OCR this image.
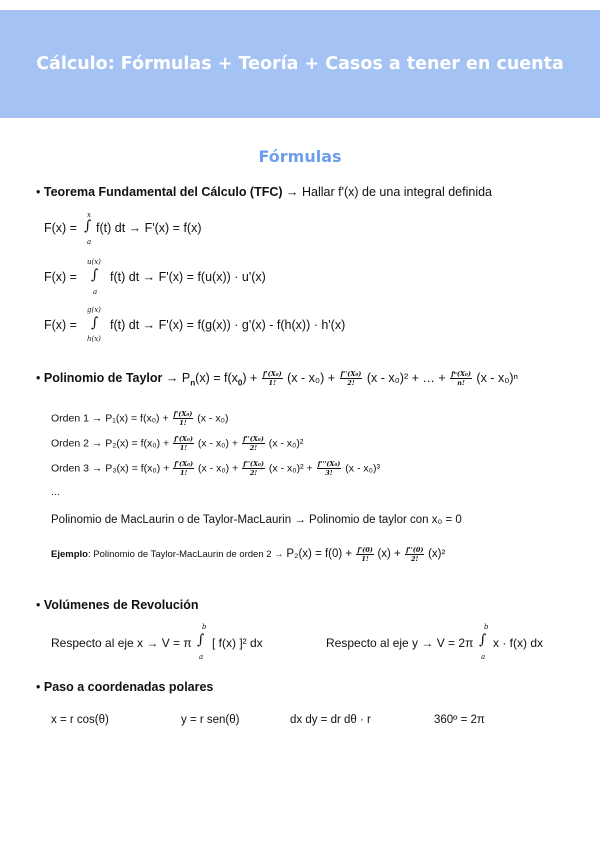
Cálculo: Fórmulas + Teoría + Casos a tener en cuenta
Fórmulas
• Teorema Fundamental del Cálculo (TFC) → Hallar f'(x) de una integral definida
F(x) =
x
∫
a
f(t) dt → F'(x) = f(x)
F(x) =
u(x)
∫
a
f(t) dt → F'(x) = f(u(x)) · u'(x)
F(x) =
g(x)
∫
h(x)
f(t) dt → F'(x) = f(g(x)) · g'(x) - f(h(x)) · h'(x)
• Polinomio de Taylor → $P_n(x) = f(x_0) + \frac{\text{f'(X₀)}}{1!} (x - x_0) + \frac{\text{f''(X₀)}}{2!} (x - x_0)^2$ + … + $\frac{\text{fⁿ(X₀)}}{n!} (x - x_0)^n$
Orden $1 \to P_1(x) = f(x_0) + \frac{\text{f'(X₀)}}{1!} (x - x_0)$
Orden $2 \to P_2(x) = f(x_0) + \frac{\text{f'(X₀)}}{1!} (x - x_0) + \frac{\text{f''(X₀)}}{2!} (x - x_0)^2$
Orden $3 \to P_3(x) = f(x_0) + \frac{\text{f'(X₀)}}{1!} (x - x_0) + \frac{\text{f''(X₀)}}{2!} (x - x_0)^2 + \frac{\text{f'''(X₀)}}{3!} (x - x_0)^3$
...
Polinomio de MacLaurin o de Taylor-MacLaurin → Polinomio de taylor con x₀ = 0
Ejemplo: Polinomio de Taylor-MacLaurin de orden $2 \to P_2(x) = f(0) + \frac{f'(0)}{1!} (x) + \frac{f''(0)}{2!} (x)^2$
• Volúmenes de Revolución
Respecto al eje x → V = π
b
∫
a
[ f(x) ]² dx	Respecto al eje y → V = 2π
b
∫
a
x · f(x) dx
• Paso a coordenadas polares
x = r cos(θ)	y = r sen(θ)	dx dy = dr dθ · r	360º = 2π
